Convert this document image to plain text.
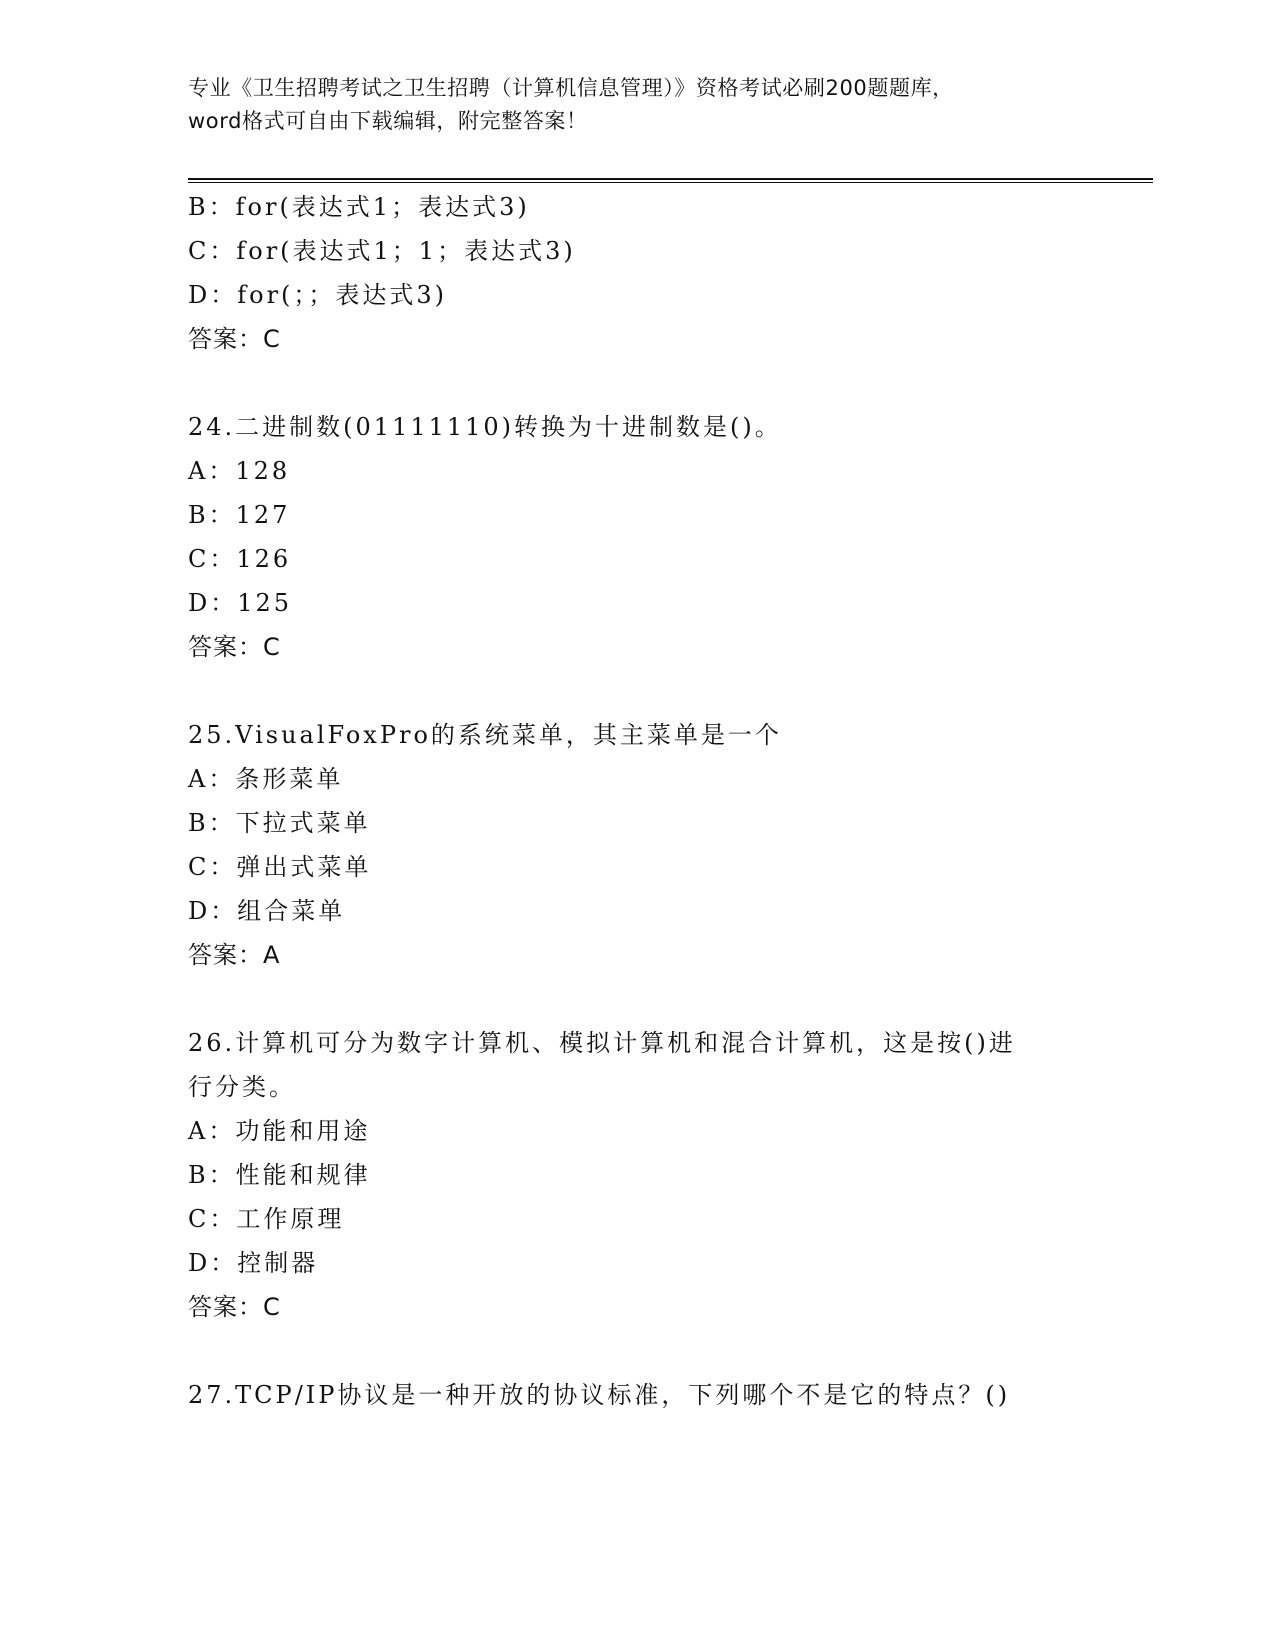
专业《卫生招聘考试之卫生招聘（计算机信息管理）》资格考试必刷200题题库，
word格式可自由下载编辑，附完整答案！
B：for(表达式1；表达式3)
C：for(表达式1；1；表达式3)
D：for(；；表达式3)
答案：C
24.二进制数(01111110)转换为十进制数是()。
A：128
B：127
C：126
D：125
答案：C
25.VisualFoxPro的系统菜单，其主菜单是一个
A：条形菜单
B：下拉式菜单
C：弹出式菜单
D：组合菜单
答案：A
26.计算机可分为数字计算机、模拟计算机和混合计算机，这是按()进
行分类。
A：功能和用途
B：性能和规律
C：工作原理
D：控制器
答案：C
27.TCP/IP协议是一种开放的协议标准，下列哪个不是它的特点？()
